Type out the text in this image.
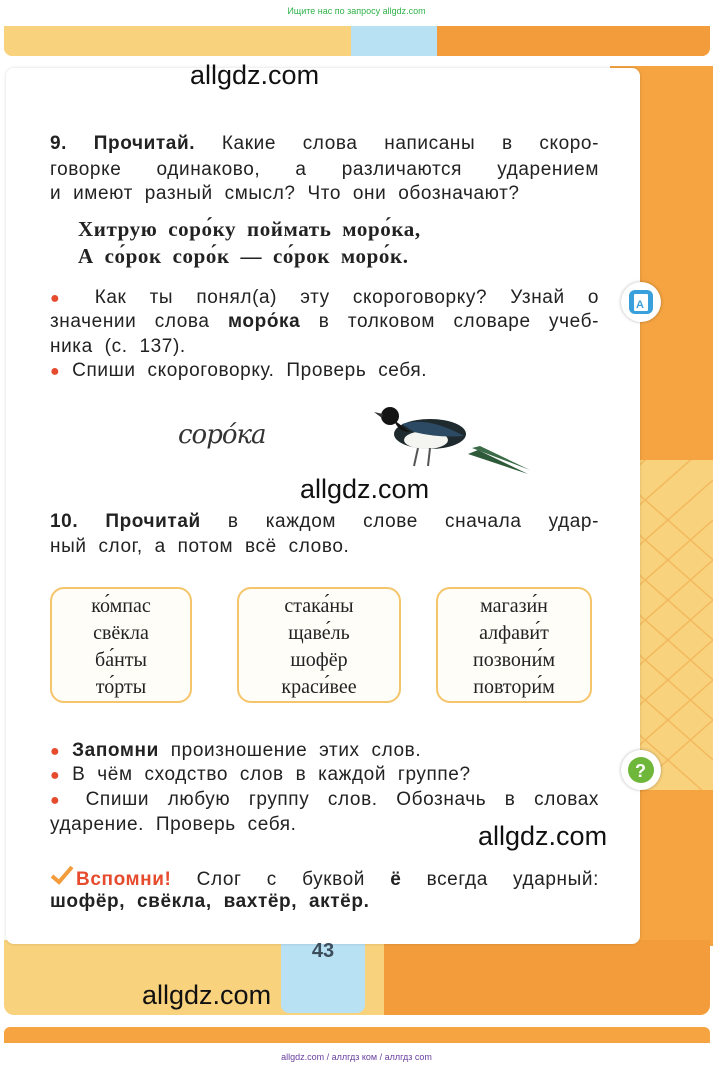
Ищите нас по запросу allgdz.com
allgdz.com
9. Прочитай. Какие слова написаны в скоро-
говорке одинаково, а различаются ударением
и имеют разный смысл? Что они обозначают?
Хитрую соро́ку поймать моро́ка,
А со́рок соро́к — со́рок моро́к.
● Как ты понял(а) эту скороговорку? Узнай о
значении слова моро́ка в толковом словаре учеб-
ника (с. 137).
● Спиши скороговорку. Проверь себя.
А
соро́ка
allgdz.com
10. Прочитай в каждом слове сначала удар-
ный слог, а потом всё слово.
ко́мпас
свёкла
ба́нты
то́рты
стака́ны
щаве́ль
шофёр
краси́вее
магази́н
алфави́т
позвони́м
повтори́м
● Запомни произношение этих слов.
● В чём сходство слов в каждой группе?
● Спиши любую группу слов. Обозначь в словах
ударение. Проверь себя.
?
allgdz.com
Вспомни! Слог с буквой ё всегда ударный:
шофёр, свёкла, вахтёр, актёр.
43
allgdz.com
allgdz.com / аллгдз ком / аллгдз com
